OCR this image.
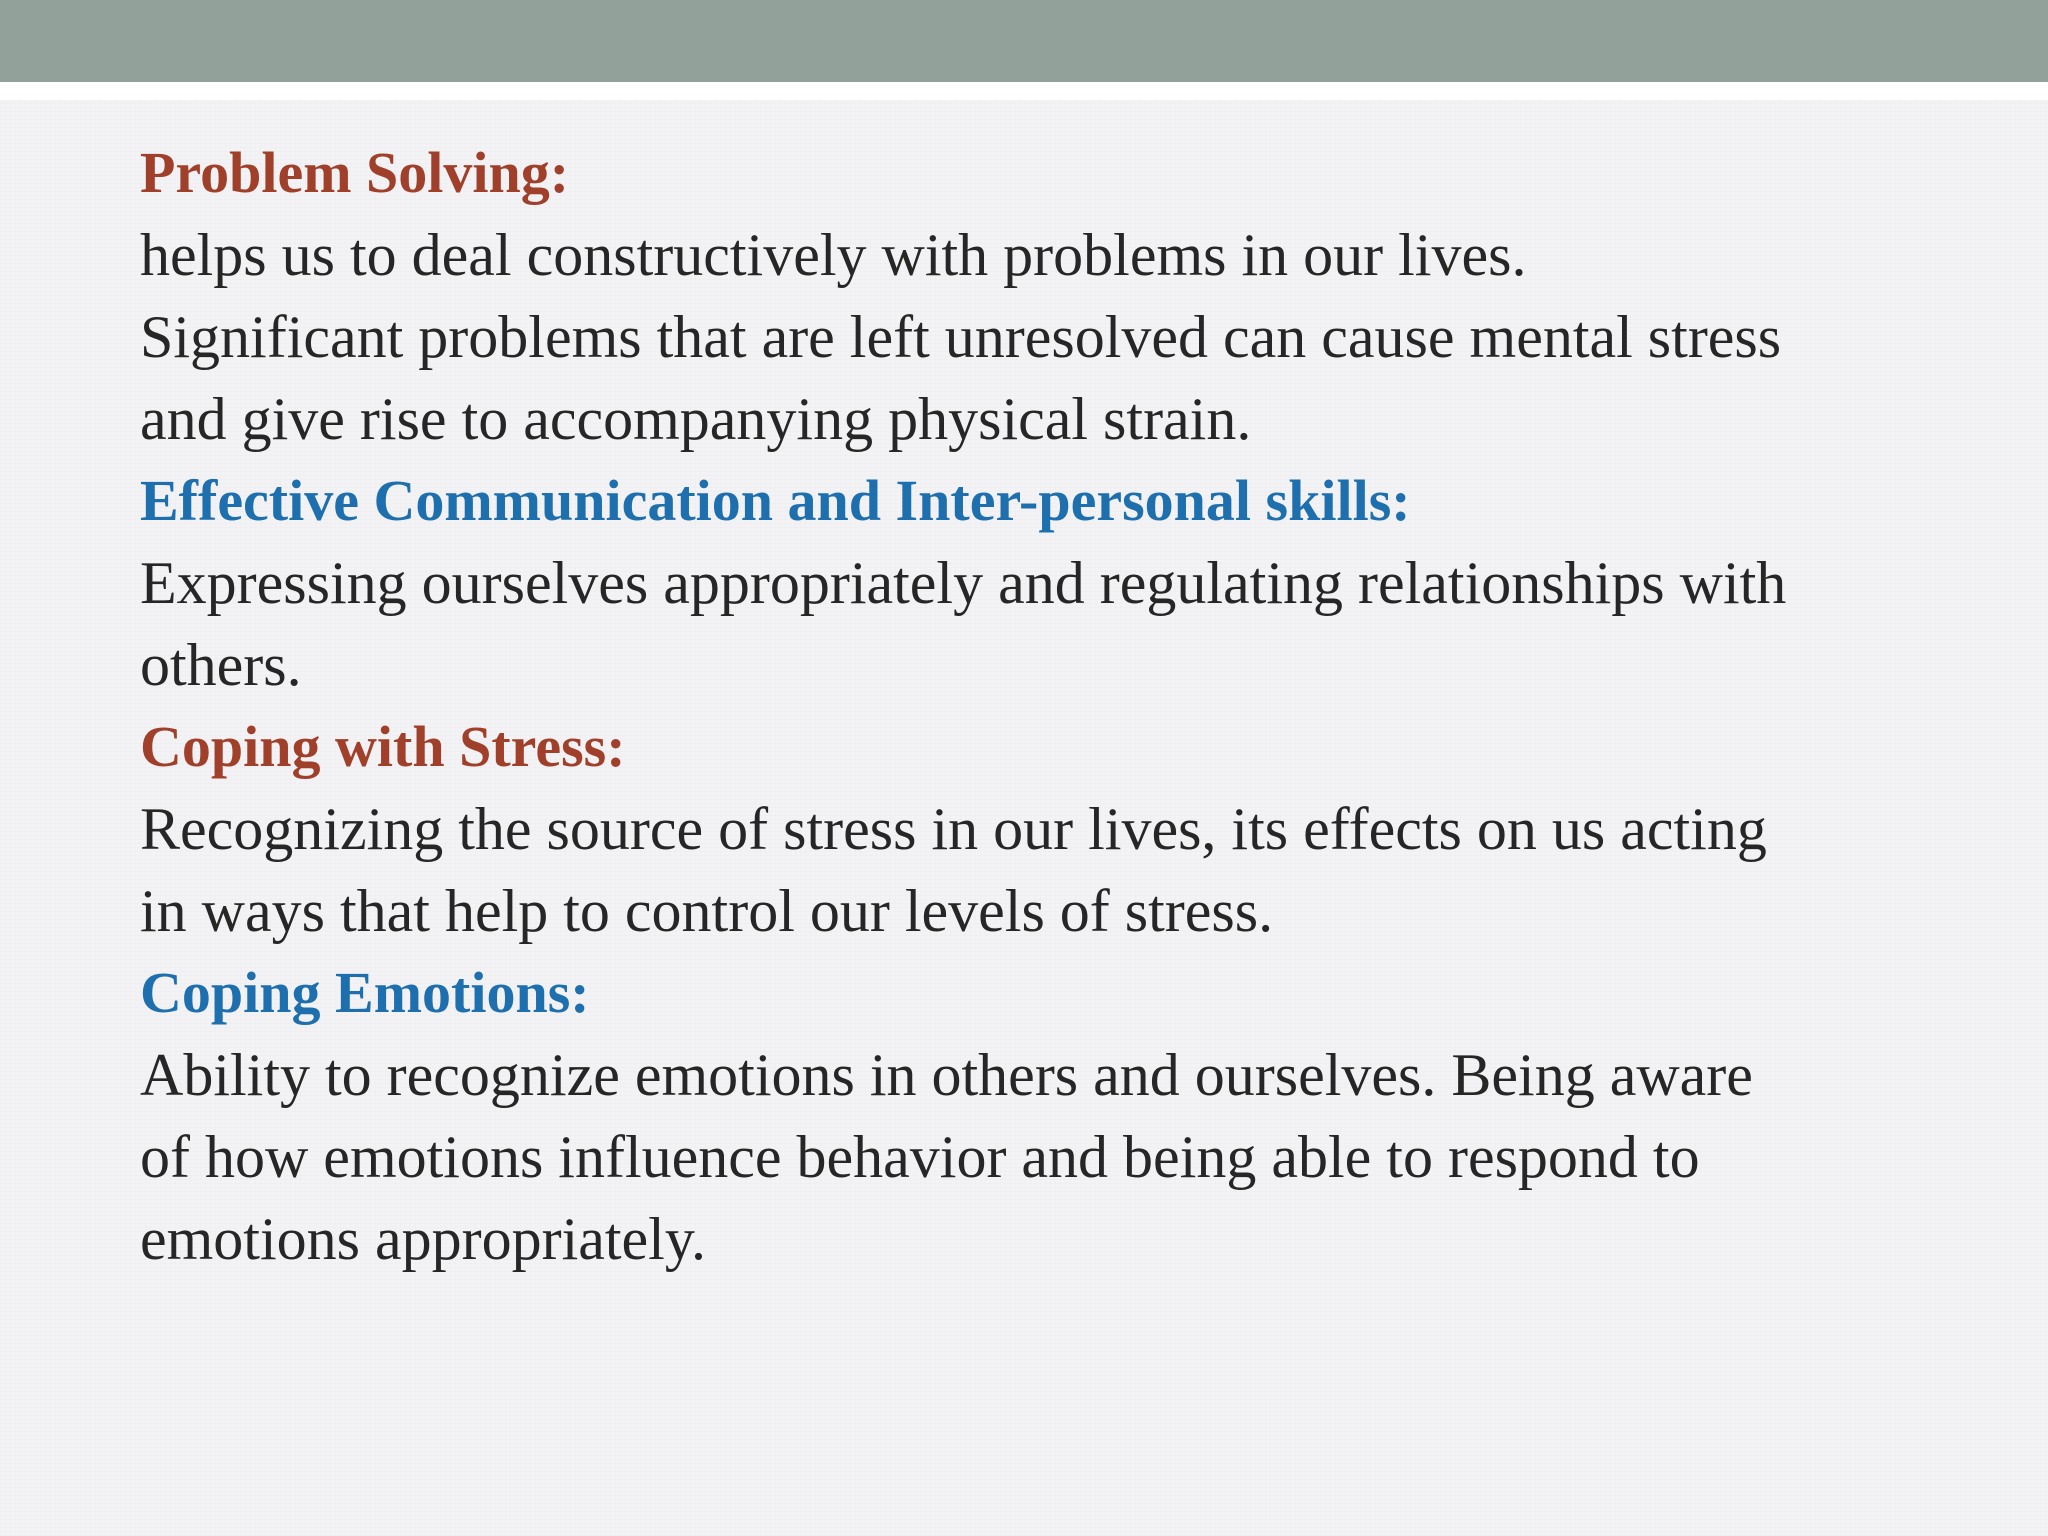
Problem Solving:
helps us to deal constructively with problems in our lives.
Significant problems that are left unresolved can cause mental stress
and give rise to accompanying physical strain.
Effective Communication and Inter-personal skills:
Expressing ourselves appropriately and regulating relationships with
others.
Coping with Stress:
Recognizing the source of stress in our lives, its effects on us acting
in ways that help to control our levels of stress.
Coping Emotions:
Ability to recognize emotions in others and ourselves. Being aware
of how emotions influence behavior and being able to respond to
emotions appropriately.
